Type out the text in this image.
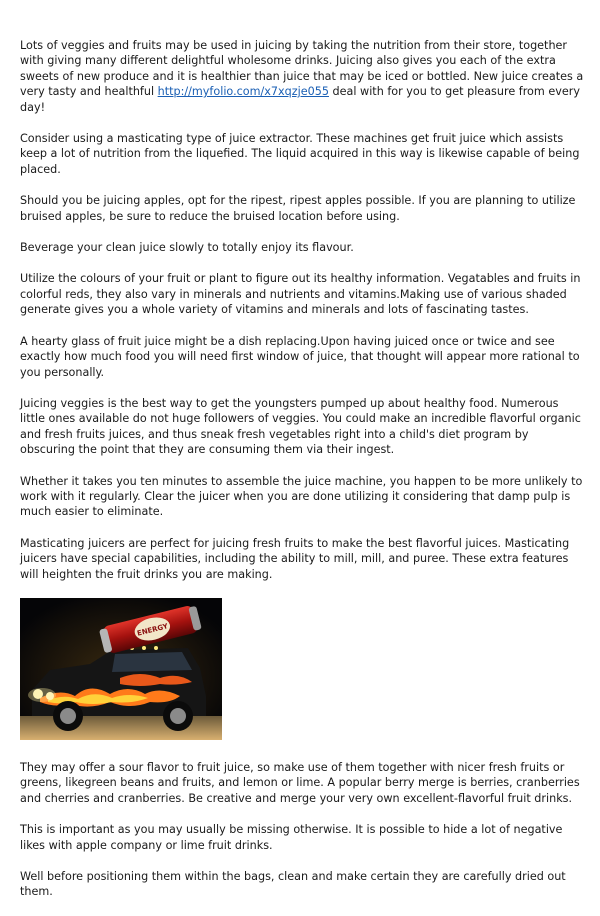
Lots of veggies and fruits may be used in juicing by taking the nutrition from their store, together with giving many different delightful wholesome drinks. Juicing also gives you each of the extra sweets of new produce and it is healthier than juice that may be iced or bottled. New juice creates a very tasty and healthful http://myfolio.com/x7xqzje055 deal with for you to get pleasure from every day!

Consider using a masticating type of juice extractor. These machines get fruit juice which assists keep a lot of nutrition from the liquefied. The liquid acquired in this way is likewise capable of being placed.

Should you be juicing apples, opt for the ripest, ripest apples possible. If you are planning to utilize bruised apples, be sure to reduce the bruised location before using.

Beverage your clean juice slowly to totally enjoy its flavour.

Utilize the colours of your fruit or plant to figure out its healthy information. Vegatables and fruits in colorful reds, they also vary in minerals and nutrients and vitamins.Making use of various shaded generate gives you a whole variety of vitamins and minerals and lots of fascinating tastes.

A hearty glass of fruit juice might be a dish replacing.Upon having juiced once or twice and see exactly how much food you will need first window of juice, that thought will appear more rational to you personally.

Juicing veggies is the best way to get the youngsters pumped up about healthy food. Numerous little ones available do not huge followers of veggies. You could make an incredible flavorful organic and fresh fruits juices, and thus sneak fresh vegetables right into a child's diet program by obscuring the point that they are consuming them via their ingest.

Whether it takes you ten minutes to assemble the juice machine, you happen to be more unlikely to work with it regularly. Clear the juicer when you are done utilizing it considering that damp pulp is much easier to eliminate.

Masticating juicers are perfect for juicing fresh fruits to make the best flavorful juices. Masticating juicers have special capabilities, including the ability to mill, mill, and puree. These extra features will heighten the fruit drinks you are making.

ENERGY

They may offer a sour flavor to fruit juice, so make use of them together with nicer fresh fruits or greens, likegreen beans and fruits, and lemon or lime. A popular berry merge is berries, cranberries and cherries and cranberries. Be creative and merge your very own excellent-flavorful fruit drinks.

This is important as you may usually be missing otherwise. It is possible to hide a lot of negative likes with apple company or lime fruit drinks.

Well before positioning them within the bags, clean and make certain they are carefully dried out them.
